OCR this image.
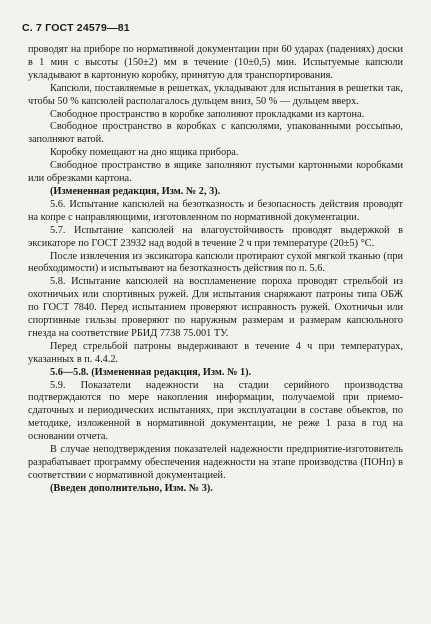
С. 7 ГОСТ 24579—81

проводят на приборе по нормативной документации при 60 ударах (падениях) доски в 1 мин с высоты (150±2) мм в течение (10±0,5) мин. Испытуемые капсюли укладывают в картонную коробку, принятую для транспортирования.

Капсюли, поставляемые в решетках, укладывают для испытания в решетки так, чтобы 50 % капсюлей располагалось дульцем вниз, 50 % — дульцем вверх.

Свободное пространство в коробке заполняют прокладками из картона.

Свободное пространство в коробках с капсюлями, упакованными россыпью, заполняют ватой.

Коробку помещают на дно ящика прибора.

Свободное пространство в ящике заполняют пустыми картонными коробками или обрезками картона.

(Измененная редакция, Изм. № 2, 3).

5.6. Испытание капсюлей на безотказность и безопасность действия проводят на копре с направляющими, изготовленном по нормативной документации.

5.7. Испытание капсюлей на влагоустойчивость проводят выдержкой в эксикаторе по ГОСТ 23932 над водой в течение 2 ч при температуре (20±5) °С.

После извлечения из эксикатора капсюли протирают сухой мягкой тканью (при необходимости) и испытывают на безотказность действия по п. 5.6.

5.8. Испытание капсюлей на воспламенение пороха проводят стрельбой из охотничьих или спортивных ружей. Для испытания снаряжают патроны типа ОБЖ по ГОСТ 7840. Перед испытанием проверяют исправность ружей. Охотничьи или спортивные гильзы проверяют по наружным размерам и размерам капсюльного гнезда на соответствие РБИД 7738 75.001 ТУ.

Перед стрельбой патроны выдерживают в течение 4 ч при температурах, указанных в п. 4.4.2.

5.6—5.8. (Измененная редакция, Изм. № 1).

5.9. Показатели надежности на стадии серийного производства подтверждаются по мере накопления информации, получаемой при приемо-сдаточных и периодических испытаниях, при эксплуатации в составе объектов, по методике, изложенной в нормативной документации, не реже 1 раза в год на основании отчета.

В случае неподтверждения показателей надежности предприятие-изготовитель разрабатывает программу обеспечения надежности на этапе производства (ПОНп) в соответствии с нормативной документацией.

(Введен дополнительно, Изм. № 3).
